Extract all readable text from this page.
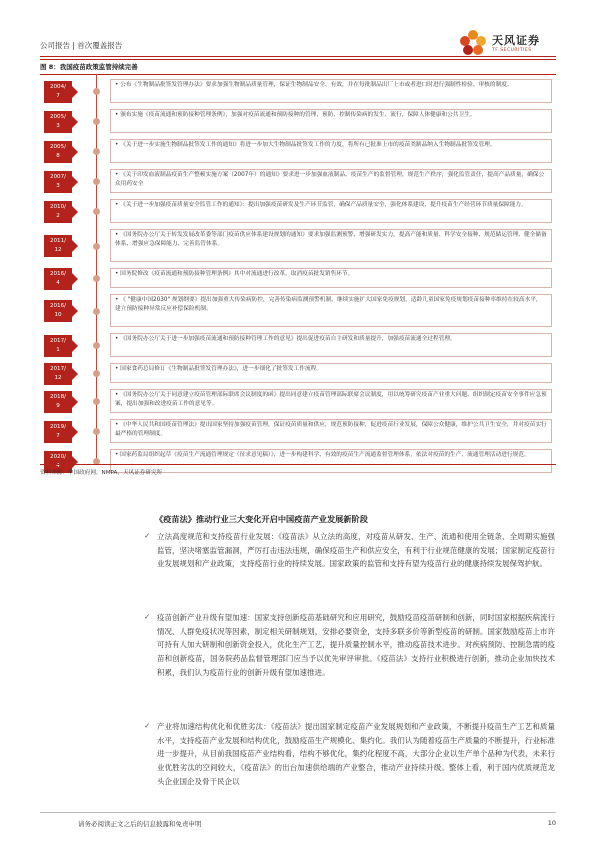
公司报告 | 首次覆盖报告	天风证券
TF SECURITIES
图 8：我国疫苗政策监管持续完善
2004/
7
• 公布《生物制品批签发管理办法》要求加强生物制品质量管理，保证生物制品安全、有效，并在每批制品出厂上市或者进口时进行强制性检验、审核的制度。
2005/
3
• 颁布实施《疫苗流通和预防接种管理条例》，加强对疫苗流通和预防接种的管理，预防、控制传染病的发生、流行，保障人体健康和公共卫生。
2005/
8
• 《关于进一步实施生物制品批签发工作的通知》将进一步加大生物制品批签发工作的力度，将所有已批准上市的疫苗类制品纳入生物制品批签发管理。
2007/
3
• 《关于印发血液制品疫苗生产整顿实施方案（2007年）的通知》要求进一步加强血液制品、疫苗生产的监督管理，规范生产秩序，强化监管责任，提高产品质量，确保公众用药安全
2010/
2
• 《关于进一步加强疫苗质量安全监管工作的通知》：提出加强疫苗研发及生产环节监管，确保产品质量安全，强化体系建设，提升疫苗生产经营环节质量保障能力。
2011/
12
• 《国务院办公厅关于转发发展改革委等部门疫苗供应体系建设规划的通知》要求加强监测预警、增强研发实力，提高产能和质量、科学安全接种、规范储运管理、健全储备体系、增强应急保障能力、完善监管体系。
2016/
4
• 国务院修改《疫苗流通和预防接种管理条例》其中对流通进行改革，取消疫苗批发销售环节。
2016/
10
• 《 "健康中国2030" 规划纲要》提出加强重大传染病防控，完善传染病监测预警机制。继续实施扩大国家免疫规划，适龄儿童国家免疫规划疫苗接种率维持在较高水平，建立预防接种异常反应补偿保险机制。
2017/
1
• 《国务院办公厅关于进一步加强疫苗流通和预防接种管理工作的意见》提出促进疫苗自主研发和质量提升，加强疫苗流通全过程管理，
2017/
12
• 国家食药总局修订《生物制品批签发管理办法》，进一步细化了批签发工作流程。
2018/
9
• 《国务院办公厅关于同意建立疫苗管理部际联席会议制度的函》提出同意建立疫苗管理部际联席会议制度，用以统筹研究疫苗产业重大问题、组织制定疫苗安全事件应急预案，提出加强和改进疫苗工作的意见等。
2019/
7
• 《中华人民共和国疫苗管理法》提出国家坚持加强疫苗管理，保证疫苗质量和供应，规范预防接种，促进疫苗行业发展，保障公众健康，维护公共卫生安全，并对疫苗实行最严格的管理制度。
2020/
4
• 国家药监局组织起草《疫苗生产流通管理规定（征求意见稿）》，进一步构建科学、有效的疫苗生产流通监督管理体系，依法对疫苗的生产、流通管理活动进行规范。
资料来源：中国政府网，NMPA，天风证券研究所
《疫苗法》推动行业三大变化开启中国疫苗产业发展新阶段
✓ 立法高度规范和支持疫苗行业发展：《疫苗法》从立法的高度，对疫苗从研发、生产、流通和使用全链条、全周期实施强监管，坚决堵塞监管漏洞，严厉打击违法违规，确保疫苗生产和供应安全，有利于行业规范健康的发展；国家制定疫苗行业发展规划和产业政策，支持疫苗行业的持续发展。国家政策的监管和支持有望为疫苗行业的健康持续发展保驾护航。
✓ 疫苗创新产业升级有望加速：国家支持创新疫苗基础研究和应用研究，鼓励疫苗疫苗研制和创新，同时国家根据疾病流行情况、人群免疫状况等因素，制定相关研制规划，安排必要资金，支持多联多价等新型疫苗的研制。国家鼓励疫苗上市许可持有人加大研制和创新资金投入，优化生产工艺，提升质量控制水平，推动疫苗技术进步。对疾病预防、控制急需的疫苗和创新疫苗，国务院药品监督管理部门应当予以优先审评审批。《疫苗法》支持行业积极进行创新，推动企业加快技术积累，我们认为疫苗行业的创新升级有望加速推进。
✓ 产业将加速结构优化和优胜劣汰：《疫苗法》提出国家制定疫苗产业发展规划和产业政策，不断提升疫苗生产工艺和质量水平，支持疫苗产业发展和结构优化，鼓励疫苗生产规模化、集约化。我们认为随着疫苗生产质量的不断提升，行业标准进一步提升，从目前我国疫苗产业结构看，结构不够优化，集约化程度不高，大部分企业以生产单个品种为代表，未来行业优胜劣汰的空间较大，《疫苗法》的出台加速供给端的产业整合，推动产业持续升级。整体上看，利于国内优质规范龙头企业国企及骨干民企以
请务必阅读正文之后的信息披露和免责申明	10
